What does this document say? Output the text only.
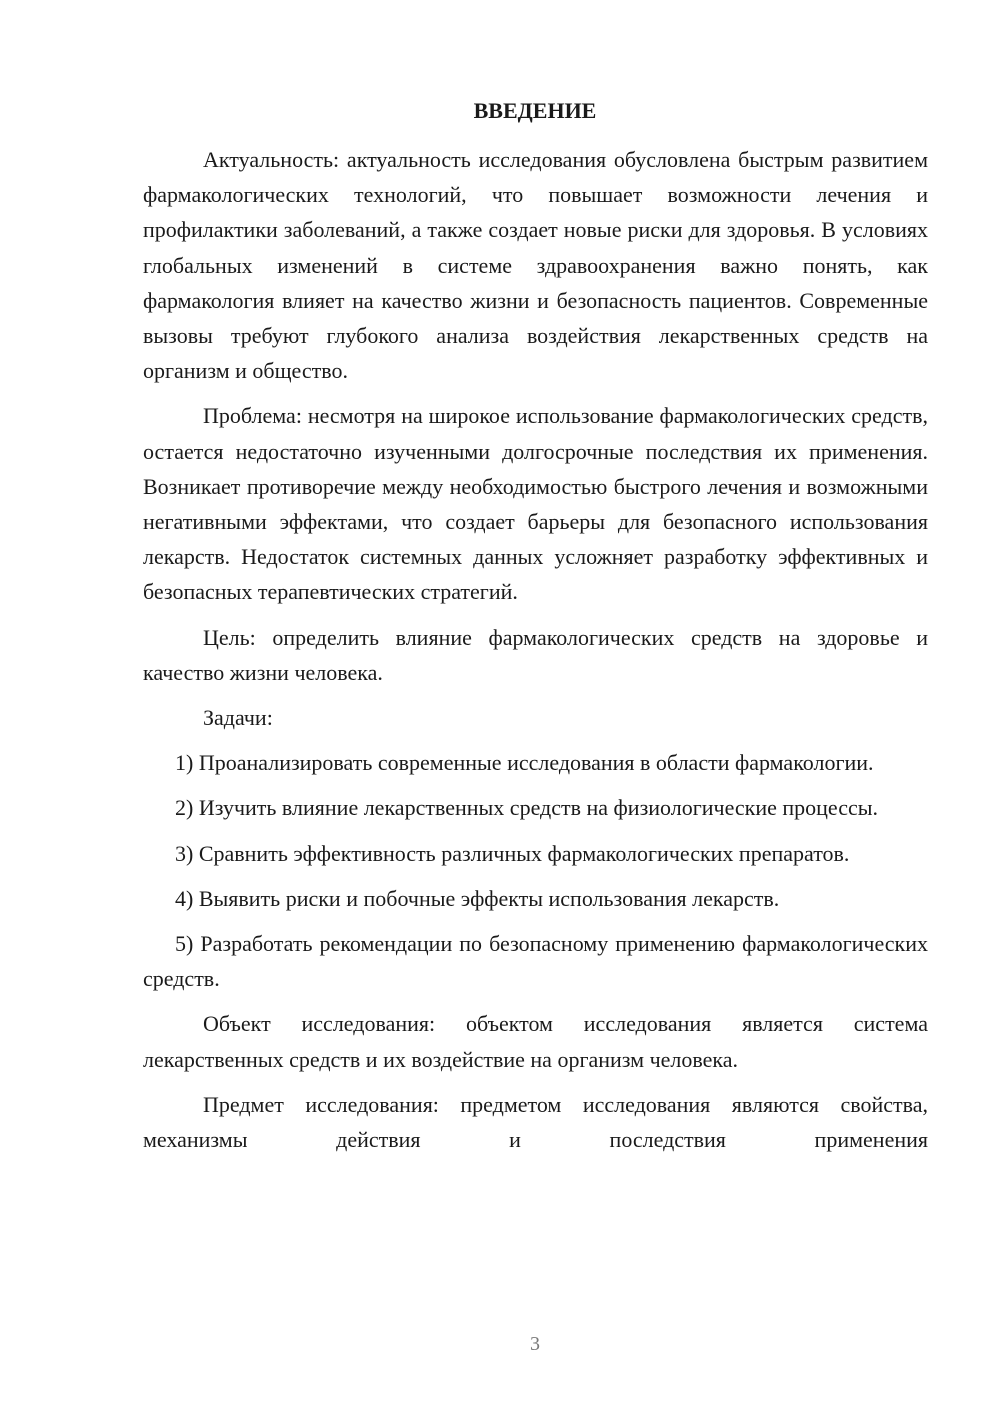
ВВЕДЕНИЕ

Актуальность: актуальность исследования обусловлена быстрым развитием фармакологических технологий, что повышает возможности лечения и профилактики заболеваний, а также создает новые риски для здоровья. В условиях глобальных изменений в системе здравоохранения важно понять, как фармакология влияет на качество жизни и безопасность пациентов. Современные вызовы требуют глубокого анализа воздействия лекарственных средств на организм и общество.

Проблема: несмотря на широкое использование фармакологических средств, остается недостаточно изученными долгосрочные последствия их применения. Возникает противоречие между необходимостью быстрого лечения и возможными негативными эффектами, что создает барьеры для безопасного использования лекарств. Недостаток системных данных усложняет разработку эффективных и безопасных терапевтических стратегий.

Цель: определить влияние фармакологических средств на здоровье и качество жизни человека.

Задачи:

1) Проанализировать современные исследования в области фармакологии.

2) Изучить влияние лекарственных средств на физиологические процессы.

3) Сравнить эффективность различных фармакологических препаратов.

4) Выявить риски и побочные эффекты использования лекарств.

5) Разработать рекомендации по безопасному применению фармакологических средств.

Объект исследования: объектом исследования является система лекарственных средств и их воздействие на организм человека.

Предмет исследования: предметом исследования являются свойства, механизмы действия и последствия применения

3
